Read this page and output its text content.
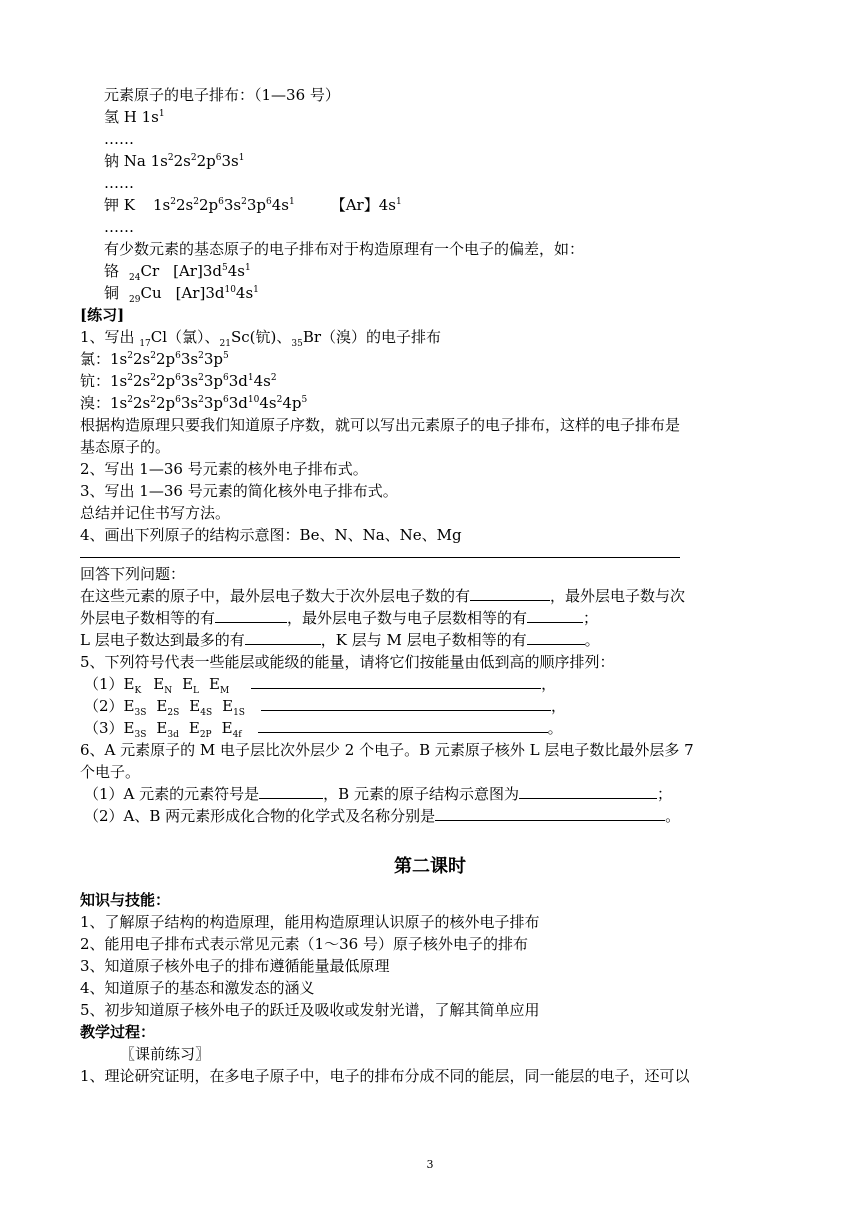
元素原子的电子排布：（1—36 号）
氢 H $1s^1$
……
钠 Na $1s^22s^22p^63s^1$
……
钾 K $1s^22s^22p^63s^23p^64s^1$ 【Ar】$4s^1$
……
有少数元素的基态原子的电子排布对于构造原理有一个电子的偏差，如：
铬 $_{24}$Cr $[Ar]3d^54s^1$
铜 $_{29}$Cu $[Ar]3d^{10}4s^1$
[练习]
1、写出 $_{17}$Cl（氯）、$_{21}$Sc(钪)、$_{35}$Br（溴）的电子排布
氯：$1s^22s^22p^63s^23p^5$
钪：$1s^22s^22p^63s^23p^63d^14s^2$
溴：$1s^22s^22p^63s^23p^63d^{10}4s^24p^5$
根据构造原理只要我们知道原子序数，就可以写出元素原子的电子排布，这样的电子排布是
基态原子的。
2、写出 1—36 号元素的核外电子排布式。
3、写出 1—36 号元素的简化核外电子排布式。
总结并记住书写方法。
4、画出下列原子的结构示意图：Be、N、Na、Ne、Mg
回答下列问题：
在这些元素的原子中，最外层电子数大于次外层电子数的有	，最外层电子数与次
外层电子数相等的有	，最外层电子数与电子层数相等的有	；
L 层电子数达到最多的有	，K 层与 M 层电子数相等的有	。
5、下列符号代表一些能层或能级的能量，请将它们按能量由低到高的顺序排列：
$(1)E_K$ $E_N$ $E_L$ $E_M$	，
$(2)E_{3S}$ $E_{2S}$ $E_{4S}$ $E_{1S}$	，
$(3)E_{3S}$ $E_{3d}$ $E_{2P}$ $E_{4f}$	。
6、A 元素原子的 M 电子层比次外层少 2 个电子。B 元素原子核外 L 层电子数比最外层多 7
个电子。
（1）A 元素的元素符号是	，B 元素的原子结构示意图为	；
（2）A、B 两元素形成化合物的化学式及名称分别是	。
第二课时
知识与技能：
1、了解原子结构的构造原理，能用构造原理认识原子的核外电子排布
2、能用电子排布式表示常见元素（1～36 号）原子核外电子的排布
3、知道原子核外电子的排布遵循能量最低原理
4、知道原子的基态和激发态的涵义
5、初步知道原子核外电子的跃迁及吸收或发射光谱，了解其简单应用
教学过程：
〖课前练习〗
1、理论研究证明，在多电子原子中，电子的排布分成不同的能层，同一能层的电子，还可以
3
